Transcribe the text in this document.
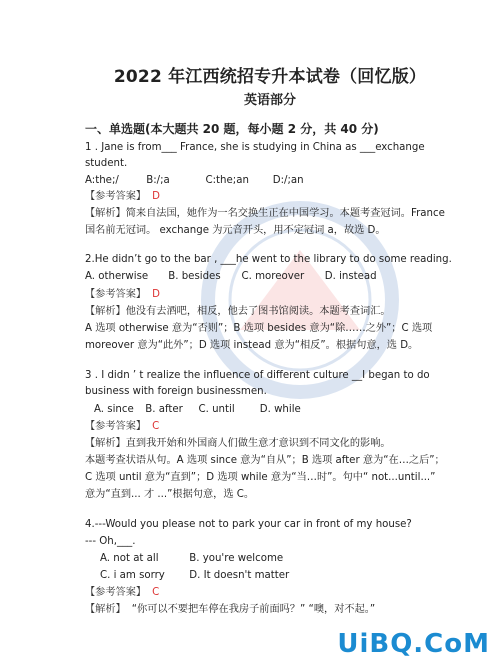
2022 年江西统招专升本试卷（回忆版）
英语部分
一、单选题(本大题共 20 题，每小题 2 分，共 40 分)
1 . Jane is from___ France, she is studying in China as ___exchange
student.
A:the;/	B:/;a	C:the;an D:/;an
【参考答案】 D
【解析】简来自法国，她作为一名交换生正在中国学习。本题考查冠词。France
国名前无冠词。 exchange 为元音开头，用不定冠词 a，故选 D。
2.He didn’t go to the bar , ___he went to the library to do some reading.
A. otherwise B. besides C. moreover D. instead
【参考答案】 D
【解析】他没有去酒吧，相反，他去了图书馆阅读。本题考查词汇。
A 选项 otherwise 意为“否则”；B 选项 besides 意为“除……之外”；C 选项
moreover 意为“此外”；D 选项 instead 意为“相反”。根据句意，选 D。
3 . I didn ’ t realize the influence of different culture __I began to do
business with foreign businessmen.
A. since B. after C. until D. while
【参考答案】 C
【解析】直到我开始和外国商人们做生意才意识到不同文化的影响。
本题考查状语从句。A 选项 since 意为“自从”；B 选项 after 意为“在…之后”；
C 选项 until 意为“直到”；D 选项 while 意为“当…时”。句中“ not...until...”
意为“直到... 才 ...”根据句意，选 C。
4.---Would you please not to park your car in front of my house?
--- Oh,___.
A. not at all	B. you're welcome
C. i am sorry D. It doesn't matter
【参考答案】 C
【解析】 “你可以不要把车停在我房子前面吗？” “噢，对不起。”
UiBQ.CoM
